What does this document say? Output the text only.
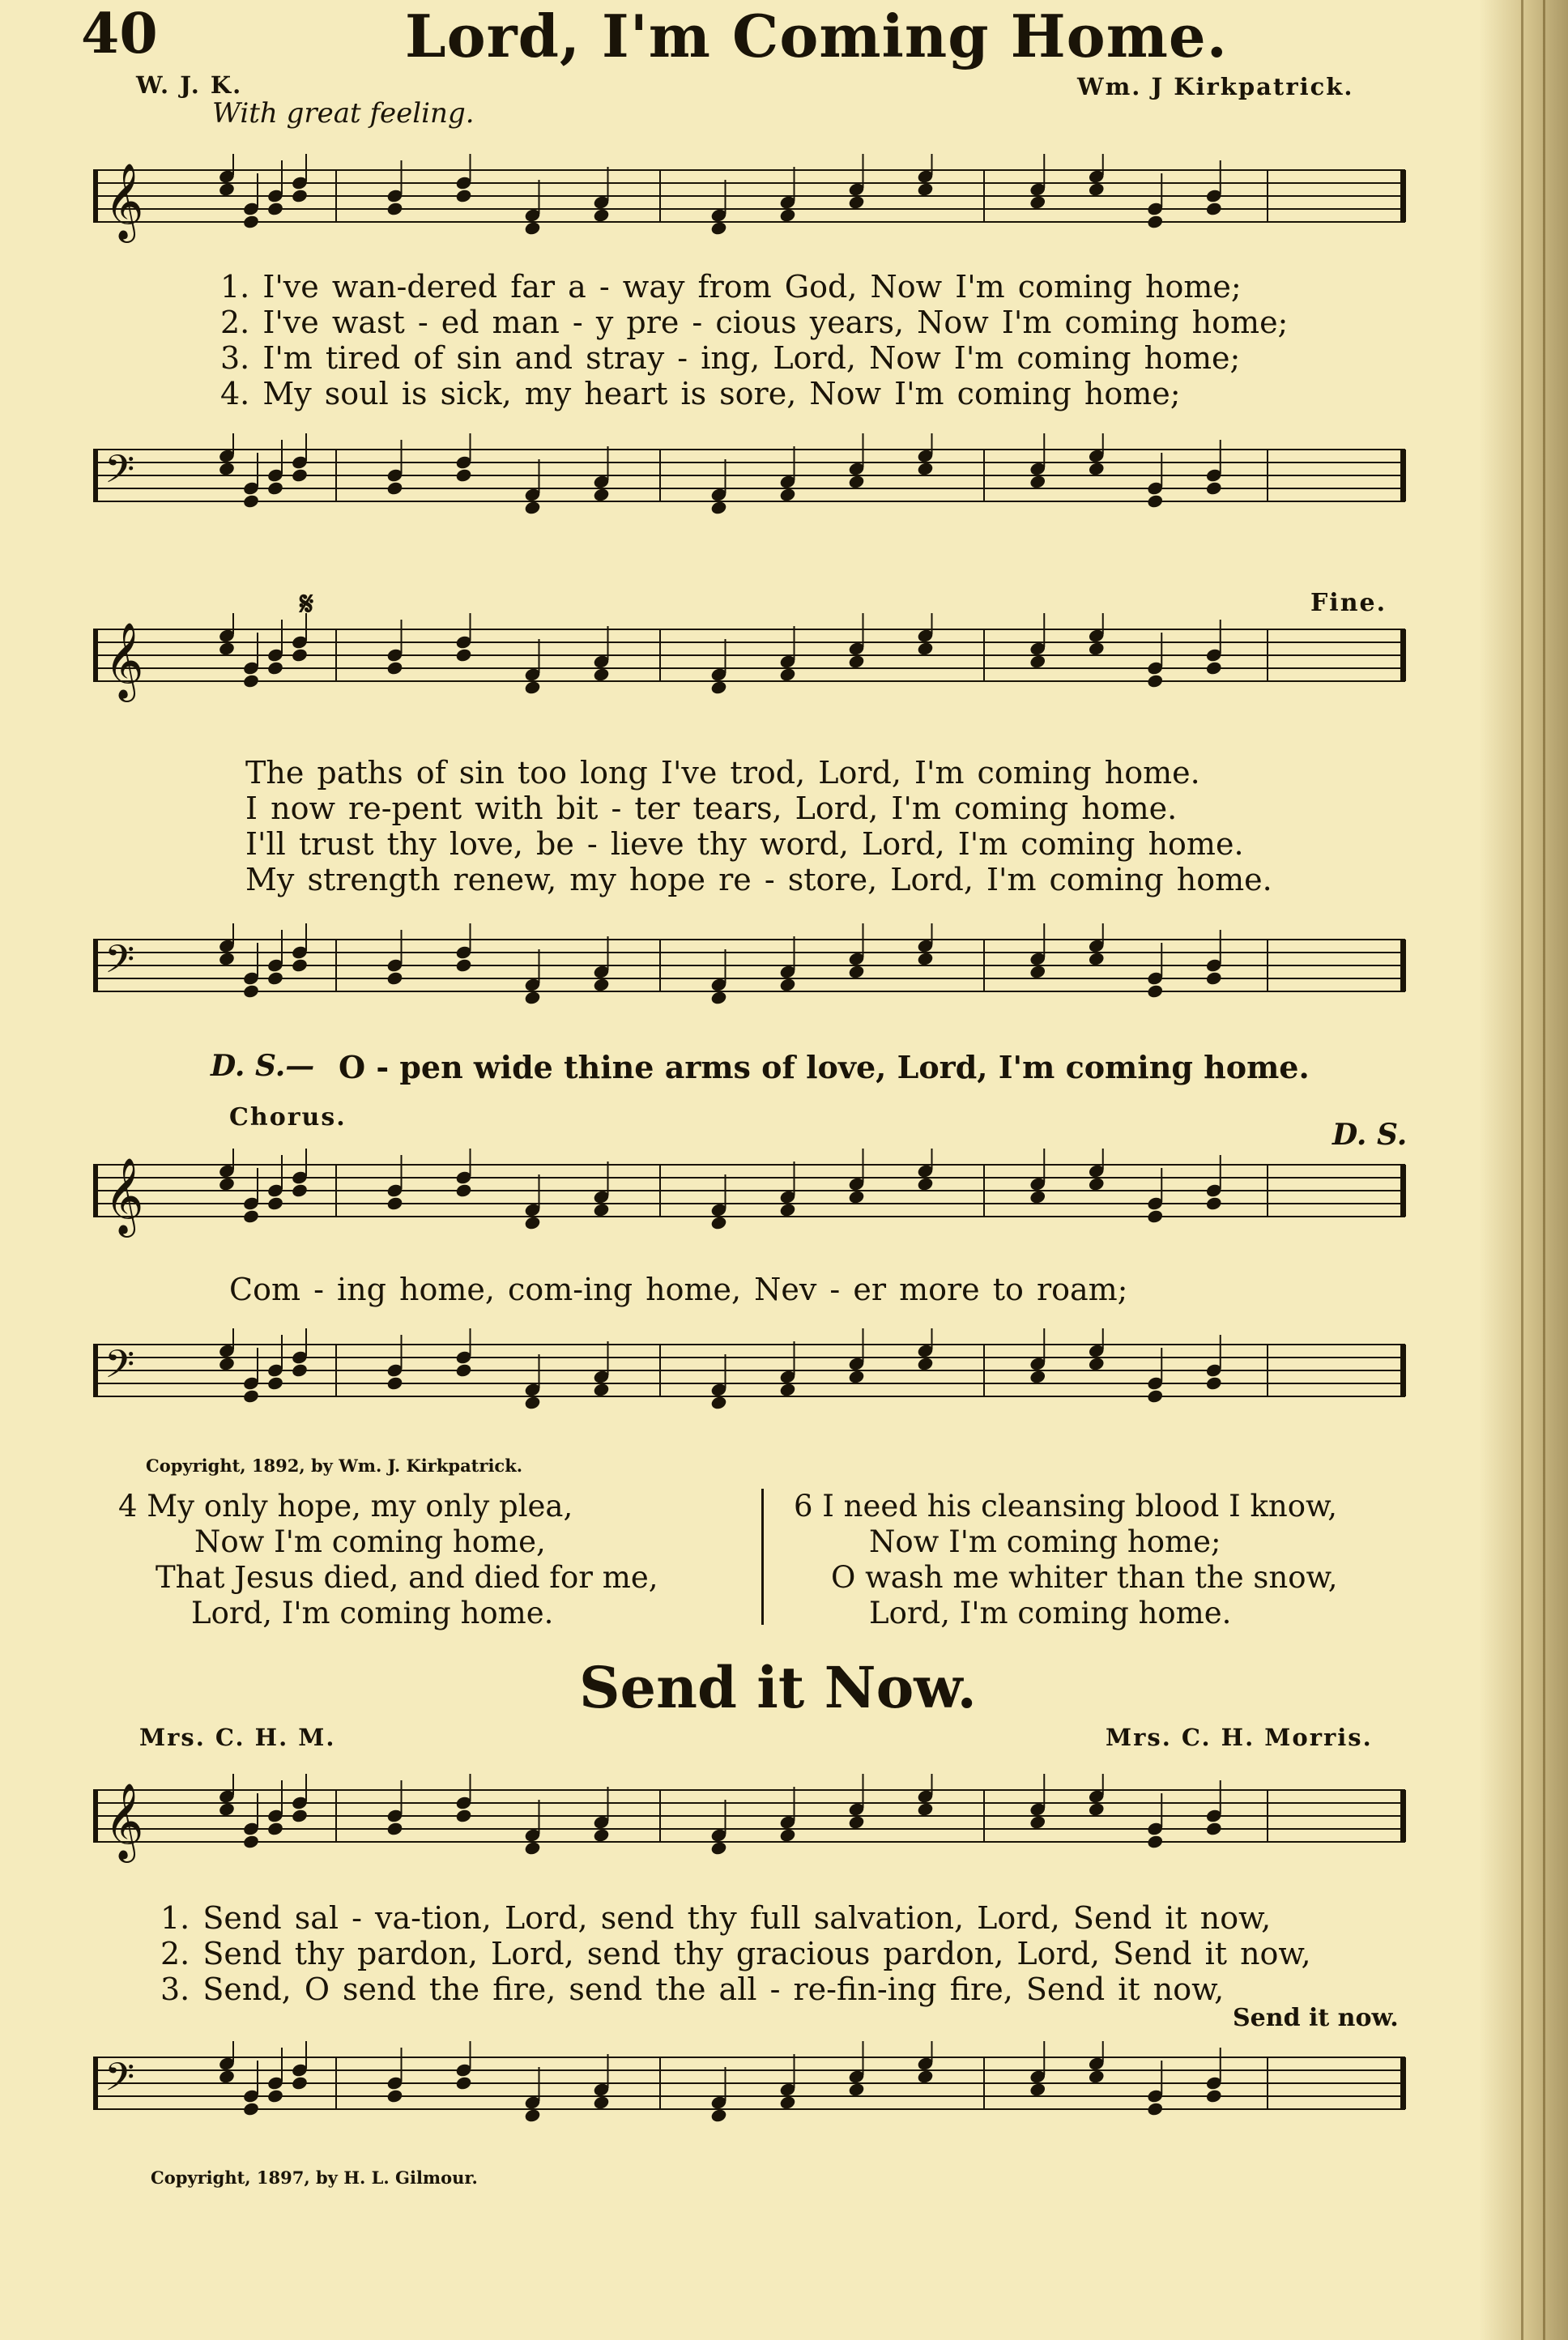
40	Lord, I'm Coming Home.
W. J. K.	Wm. J Kirkpatrick.
With great feeling.
𝄞
1. I've wan-dered far a - way from God, Now I'm coming home;
2. I've wast - ed man - y pre - cious years, Now I'm coming home;
3. I'm tired of sin and stray - ing, Lord, Now I'm coming home;
4. My soul is sick, my heart is sore, Now I'm coming home;
𝄢
𝄋	Fine.
𝄞
The paths of sin too long I've trod, Lord, I'm coming home.
I now re-pent with bit - ter tears, Lord, I'm coming home.
I'll trust thy love, be - lieve thy word, Lord, I'm coming home.
My strength renew, my hope re - store, Lord, I'm coming home.
𝄢
D. S.— O - pen wide thine arms of love, Lord, I'm coming home.
Chorus.
D. S.
𝄞
Com - ing home, com-ing home, Nev - er more to roam;
𝄢
Copyright, 1892, by Wm. J. Kirkpatrick.
4 My only hope, my only plea,
Now I'm coming home,
That Jesus died, and died for me,
Lord, I'm coming home.
6 I need his cleansing blood I know,
Now I'm coming home;
O wash me whiter than the snow,
Lord, I'm coming home.
Send it Now.
Mrs. C. H. M.	Mrs. C. H. Morris.
𝄞
1. Send sal - va-tion, Lord, send thy full salvation, Lord, Send it now,
2. Send thy pardon, Lord, send thy gracious pardon, Lord, Send it now,
3. Send, O send the fire, send the all - re-fin-ing fire, Send it now,
Send it now.
𝄢
Copyright, 1897, by H. L. Gilmour.
